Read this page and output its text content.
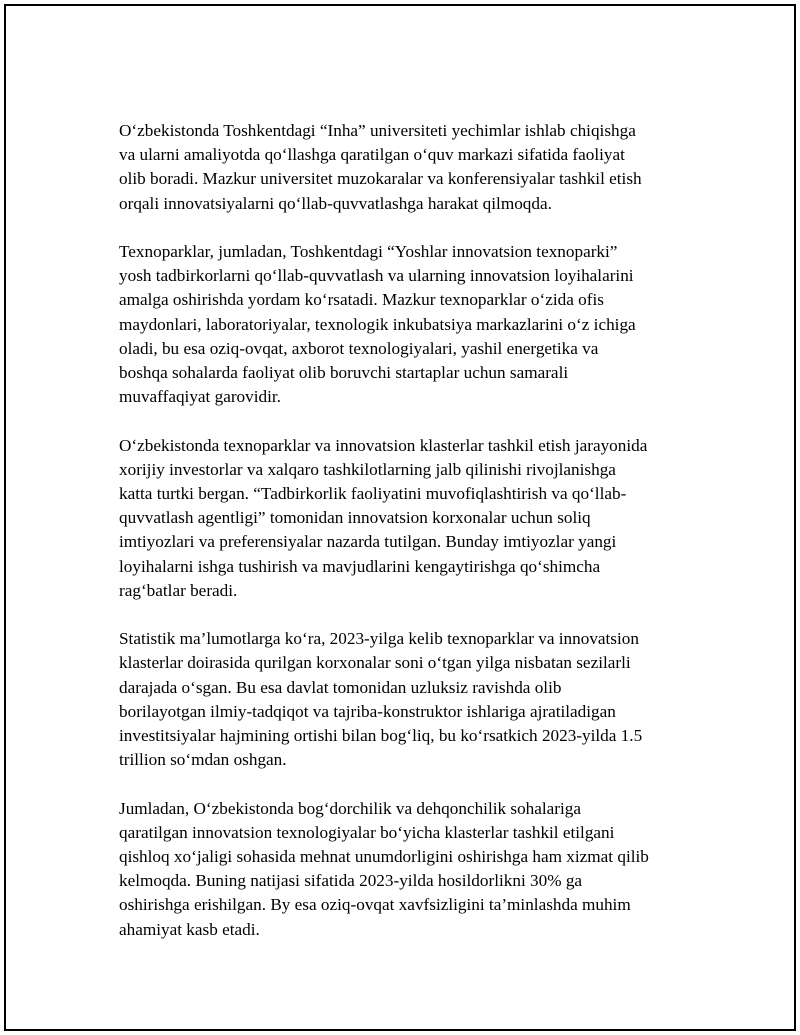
O‘zbekistonda Toshkentdagi “Inha” universiteti yechimlar ishlab chiqishga
va ularni amaliyotda qo‘llashga qaratilgan o‘quv markazi sifatida faoliyat
olib boradi. Mazkur universitet muzokaralar va konferensiyalar tashkil etish
orqali innovatsiyalarni qo‘llab-quvvatlashga harakat qilmoqda.

Texnoparklar, jumladan, Toshkentdagi “Yoshlar innovatsion texnoparki”
yosh tadbirkorlarni qo‘llab-quvvatlash va ularning innovatsion loyihalarini
amalga oshirishda yordam ko‘rsatadi. Mazkur texnoparklar o‘zida ofis
maydonlari, laboratoriyalar, texnologik inkubatsiya markazlarini o‘z ichiga
oladi, bu esa oziq-ovqat, axborot texnologiyalari, yashil energetika va
boshqa sohalarda faoliyat olib boruvchi startaplar uchun samarali
muvaffaqiyat garovidir.

O‘zbekistonda texnoparklar va innovatsion klasterlar tashkil etish jarayonida
xorijiy investorlar va xalqaro tashkilotlarning jalb qilinishi rivojlanishga
katta turtki bergan. “Tadbirkorlik faoliyatini muvofiqlashtirish va qo‘llab-
quvvatlash agentligi” tomonidan innovatsion korxonalar uchun soliq
imtiyozlari va preferensiyalar nazarda tutilgan. Bunday imtiyozlar yangi
loyihalarni ishga tushirish va mavjudlarini kengaytirishga qo‘shimcha
rag‘batlar beradi.

Statistik ma’lumotlarga ko‘ra, 2023-yilga kelib texnoparklar va innovatsion
klasterlar doirasida qurilgan korxonalar soni o‘tgan yilga nisbatan sezilarli
darajada o‘sgan. Bu esa davlat tomonidan uzluksiz ravishda olib
borilayotgan ilmiy-tadqiqot va tajriba-konstruktor ishlariga ajratiladigan
investitsiyalar hajmining ortishi bilan bog‘liq, bu ko‘rsatkich 2023-yilda 1.5
trillion so‘mdan oshgan.

Jumladan, O‘zbekistonda bog‘dorchilik va dehqonchilik sohalariga
qaratilgan innovatsion texnologiyalar bo‘yicha klasterlar tashkil etilgani
qishloq xo‘jaligi sohasida mehnat unumdorligini oshirishga ham xizmat qilib
kelmoqda. Buning natijasi sifatida 2023-yilda hosildorlikni 30% ga
oshirishga erishilgan. By esa oziq-ovqat xavfsizligini ta’minlashda muhim
ahamiyat kasb etadi.
